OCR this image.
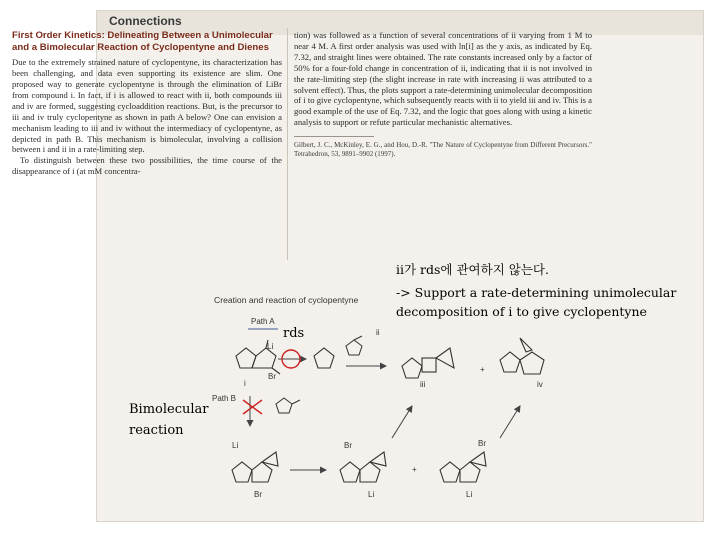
Connections
First Order Kinetics: Delineating Between a Unimolecular and a Bimolecular Reaction of Cyclopentyne and Dienes

Due to the extremely strained nature of cyclopentyne, its characterization has been challenging, and data even supporting its existence are slim. One proposed way to generate cyclopentyne is through the elimination of LiBr from compound i. In fact, if i is allowed to react with ii, both compounds iii and iv are formed, suggesting cycloaddition reactions. But, is the precursor to iii and iv truly cyclopentyne as shown in path A below? One can envision a mechanism leading to iii and iv without the intermediacy of cyclopentyne, as depicted in path B. This mechanism is bimolecular, involving a collision between i and ii in a rate-limiting step.

To distinguish between these two possibilities, the time course of the disappearance of i (at mM concentra-

tion) was followed as a function of several concentrations of ii varying from 1 M to near 4 M. A first order analysis was used with ln[i] as the y axis, as indicated by Eq. 7.32, and straight lines were obtained. The rate constants increased only by a factor of 50% for a four-fold change in concentration of ii, indicating that ii is not involved in the rate-limiting step (the slight increase in rate with increasing ii was attributed to a solvent effect). Thus, the plots support a rate-determining unimolecular decomposition of i to give cyclopentyne, which subsequently reacts with ii to yield iii and iv. This is a good example of the use of Eq. 7.32, and the logic that goes along with using a kinetic analysis to support or refute particular mechanistic alternatives.

Gilbert, J. C., McKinley, E. G., and Hou, D.-R. "The Nature of Cyclopentyne from Different Precursors." Tetrahedron, 53, 9891–9902 (1997).

Creation and reaction of cyclopentyne
Path A
Li
Br
i
ii
iii
+
iv
Path B
Li
Br
Br
Li
+
Br
Li
ii가 rds에 관여하지 않는다.
-> Support a rate-determining unimolecular decomposition of i to give cyclopentyne
rds
Bimolecular reaction
